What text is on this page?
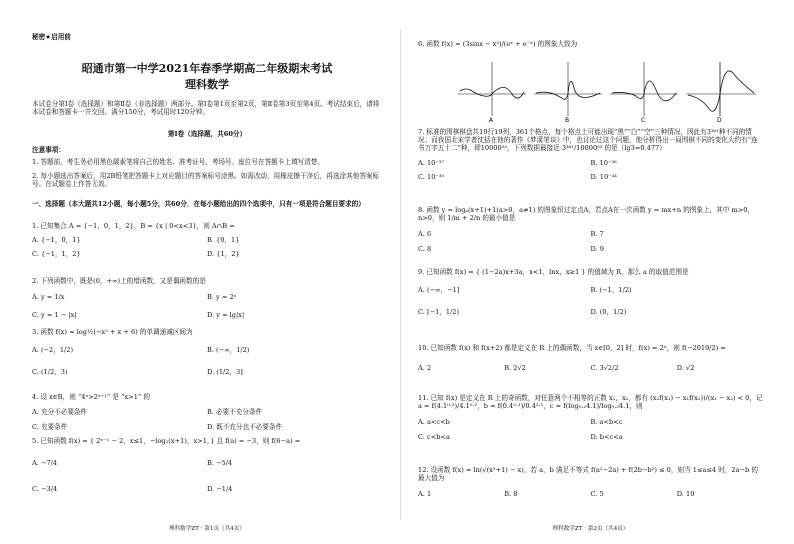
秘密★启用前
昭通市第一中学2021年春季学期高二年级期末考试
理科数学
本试卷分第Ⅰ卷（选择题）和第Ⅱ卷（非选择题）两部分。第Ⅰ卷第1页至第2页，第Ⅱ卷第3页至第4页。考试结束后，请将本试卷和答题卡一并交回。满分150分，考试用时120分钟。
第Ⅰ卷（选择题，共60分）
注意事项：
1. 答题前，考生务必用黑色碳素笔将自己的姓名、准考证号、考场号、座位号在答题卡上填写清楚。
2. 每小题选出答案后，用2B铅笔把答题卡上对应题目的答案标号涂黑。如需改动，用橡皮擦干净后，再选涂其他答案标号。在试题卷上作答无效。
一、选择题（本大题共12小题，每小题5分，共60分．在每小题给出的四个选项中，只有一项是符合题目要求的）
1. 已知集合 A = {−1，0，1，2}，B = {x | 0<x<3}，则 A∩B =
A. {−1，0，1}	B. {0，1}
C. {−1，1，2}	D. {1，2}
2. 下列函数中，既是(0，+∞)上的增函数，又是偶函数的是
A. y = 1/x	B. y = 2ˣ
C. y = 1 − |x|	D. y = lg|x|
3. 函数 f(x) = log½(−x² + x + 6) 的单调递减区间为
A. (−2，1/2)	B. (−∞，1/2)
C. (1/2，3)	D. (1/2，3]
4. 设 x∈R，则 “4ˣ>2ˣ⁺¹” 是 “x>1” 的
A. 充分不必要条件	B. 必要不充分条件
C. 充要条件	D. 既不充分也不必要条件
5. 已知函数 f(x) = { 2ˣ⁻¹ − 2，x≤1，−log₂(x+1)，x>1，} 且 f(a) = −3，则 f(6−a) =
A. −7/4	B. −5/4
C. −3/4	D. −1/4
理科数学ZT · 第1页（共4页）
6. 函数 f(x) = (3sinx − x²)/(eˣ + e⁻ˣ) 的图象大致为
A	B	C	D
7. 标准的围棋棋盘共19行19列，361个格点，每个格点上可能出现“黑”“白”“空”三种情况，因此有3³⁶¹种不同的情况；而我国北宋学者沈括在他的著作《梦溪笔谈》中，也讨论过这个问题，他分析得出一局围棋不同的变化大约有“连书万字五十二”种，即10000⁵²，下列数据最接近 3³⁶¹/10000⁵² 的是（lg3≈0.477）
A. 10⁻³⁷	B. 10⁻³⁶
C. 10⁻³⁵	D. 10⁻³⁴
8. 函数 y = logₐ(x+1)+1(a>0，a≠1) 的图象恒过定点A，若点A在一次函数 y = mx+n 的图象上，其中 m>0，n>0，则 1/m + 2/n 的最小值是
A. 6	B. 7
C. 8	D. 9
9. 已知函数 f(x) = { (1−2a)x+3a，x<1，lnx，x≥1 } 的值域为 R，那么 a 的取值范围是
A. (−∞，−1]	B. (−1，1/2)
C. [−1，1/2)	D. (0，1/2)
10. 已知函数 f(x) 和 f(x+2) 都是定义在 R 上的偶函数，当 x∈[0，2] 时，f(x) = 2ˣ，则 f(−2019/2) =
A. 2	B. 2√2	C. 3√2/2	D. √2
11. 已知 f(x) 是定义在 R 上的奇函数，对任意两个不相等的正数 x₁，x₂，都有 (x₂f(x₁) − x₁f(x₂))/(x₁ − x₂) < 0，记 a = f(4.1⁰·²)/4.1⁰·²，b = f(0.4²·¹)/0.4²·¹，c = f(log₀.₂4.1)/log₀.₂4.1，则
A. a<c<b	B. a<b<c
C. c<b<a	D. b<c<a
12. 设函数 f(x) = ln(√(x²+1) − x)，若 a，b 满足不等式 f(a²−2a) + f(2b−b²) ≤ 0，则当 1≤a≤4 时，2a−b 的最大值为
A. 1	B. 8	C. 5	D. 10
理科数学ZT · 第2页（共4页）
